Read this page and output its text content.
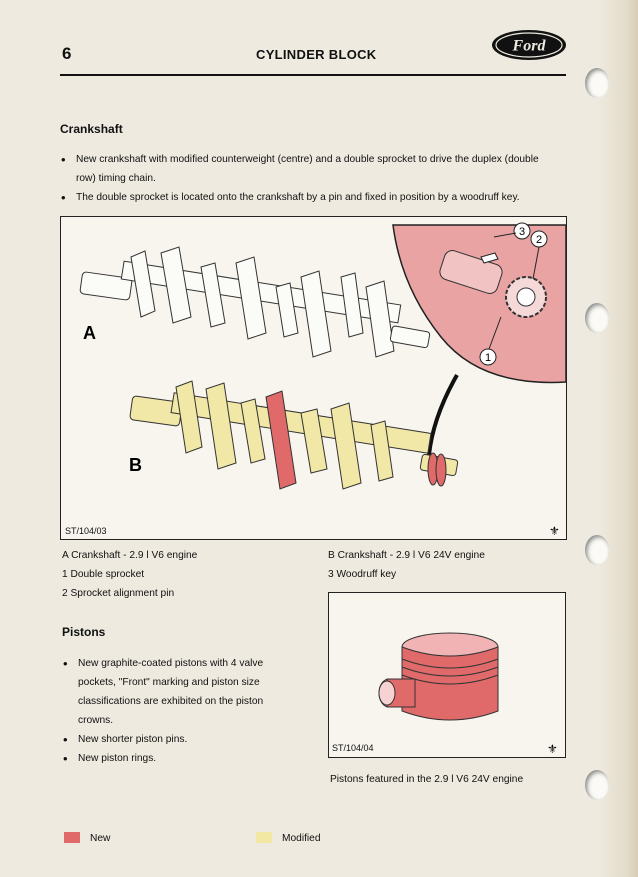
6	CYLINDER BLOCK	Ford
Crankshaft
• New crankshaft with modified counterweight (centre) and a double sprocket to drive the duplex (double
row) timing chain.
• The double sprocket is located onto the crankshaft by a pin and fixed in position by a woodruff key.
3
2
1
A
B
⚜
ST/104/03
A Crankshaft - 2.9 l V6 engine
1 Double sprocket
2 Sprocket alignment pin
B Crankshaft - 2.9 l V6 24V engine
3 Woodruff key
Pistons
• New graphite-coated pistons with 4 valve
pockets, "Front" marking and piston size
classifications are exhibited on the piston
crowns.
• New shorter piston pins.
• New piston rings.
⚜
ST/104/04
Pistons featured in the 2.9 l V6 24V engine
New	Modified
